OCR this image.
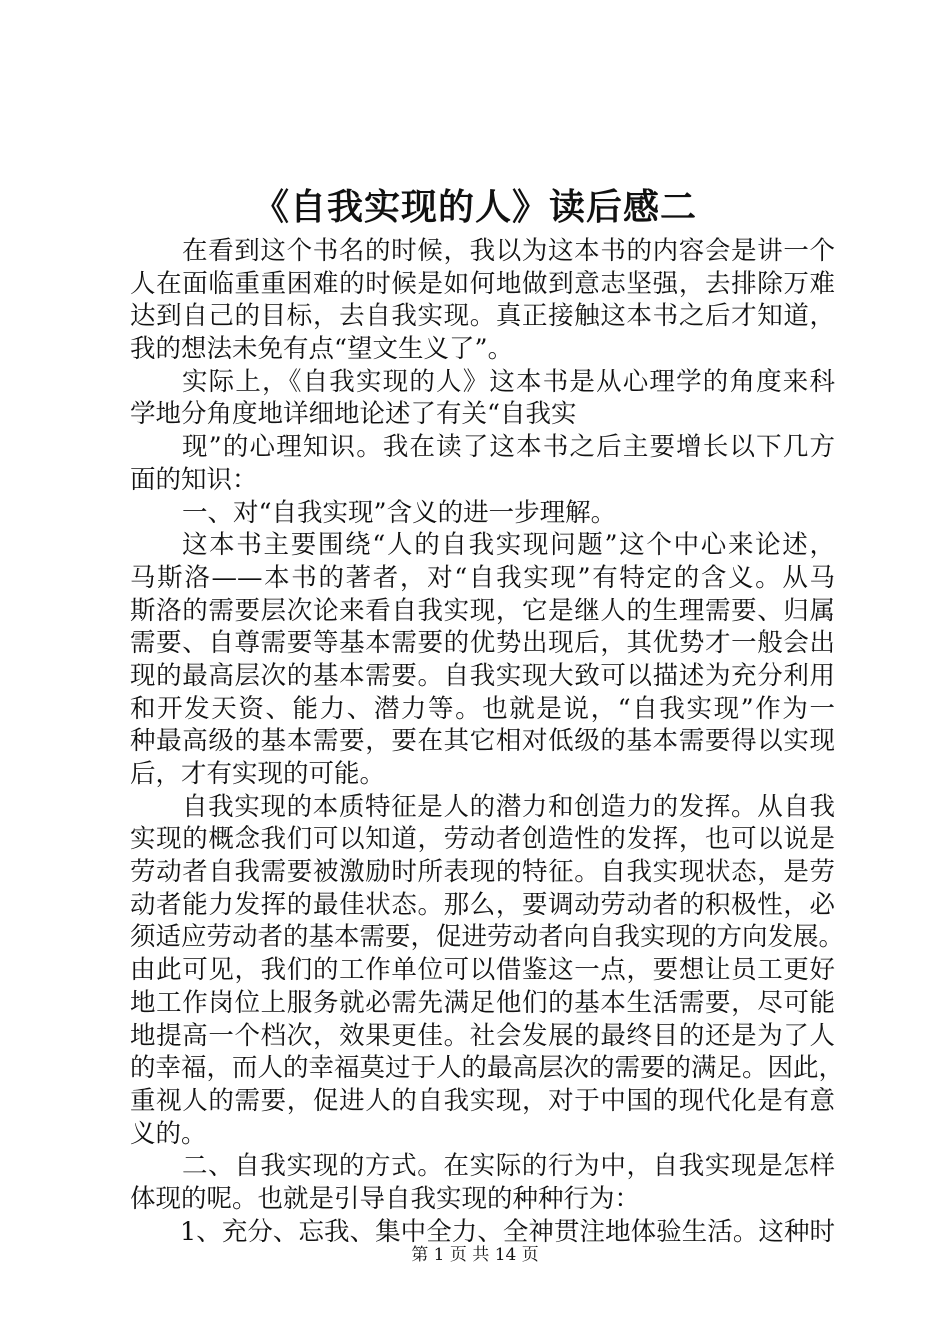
《自我实现的人》读后感二
在看到这个书名的时候，我以为这本书的内容会是讲一个
人在面临重重困难的时候是如何地做到意志坚强，去排除万难
达到自己的目标，去自我实现。真正接触这本书之后才知道，
我的想法未免有点“望文生义了”。
实际上，《自我实现的人》这本书是从心理学的角度来科
学地分角度地详细地论述了有关“自我实
现”的心理知识。我在读了这本书之后主要增长以下几方
面的知识：
一、对“自我实现”含义的进一步理解。
这本书主要围绕“人的自我实现问题”这个中心来论述，
马斯洛——本书的著者，对“自我实现”有特定的含义。从马
斯洛的需要层次论来看自我实现，它是继人的生理需要、归属
需要、自尊需要等基本需要的优势出现后，其优势才一般会出
现的最高层次的基本需要。自我实现大致可以描述为充分利用
和开发天资、能力、潜力等。也就是说，“自我实现”作为一
种最高级的基本需要，要在其它相对低级的基本需要得以实现
后，才有实现的可能。
自我实现的本质特征是人的潜力和创造力的发挥。从自我
实现的概念我们可以知道，劳动者创造性的发挥，也可以说是
劳动者自我需要被激励时所表现的特征。自我实现状态，是劳
动者能力发挥的最佳状态。那么，要调动劳动者的积极性，必
须适应劳动者的基本需要，促进劳动者向自我实现的方向发展。
由此可见，我们的工作单位可以借鉴这一点，要想让员工更好
地工作岗位上服务就必需先满足他们的基本生活需要，尽可能
地提高一个档次，效果更佳。社会发展的最终目的还是为了人
的幸福，而人的幸福莫过于人的最高层次的需要的满足。因此，
重视人的需要，促进人的自我实现，对于中国的现代化是有意
义的。
二、自我实现的方式。在实际的行为中，自我实现是怎样
体现的呢。也就是引导自我实现的种种行为：
1、充分、忘我、集中全力、全神贯注地体验生活。这种时
第 1 页 共 14 页
